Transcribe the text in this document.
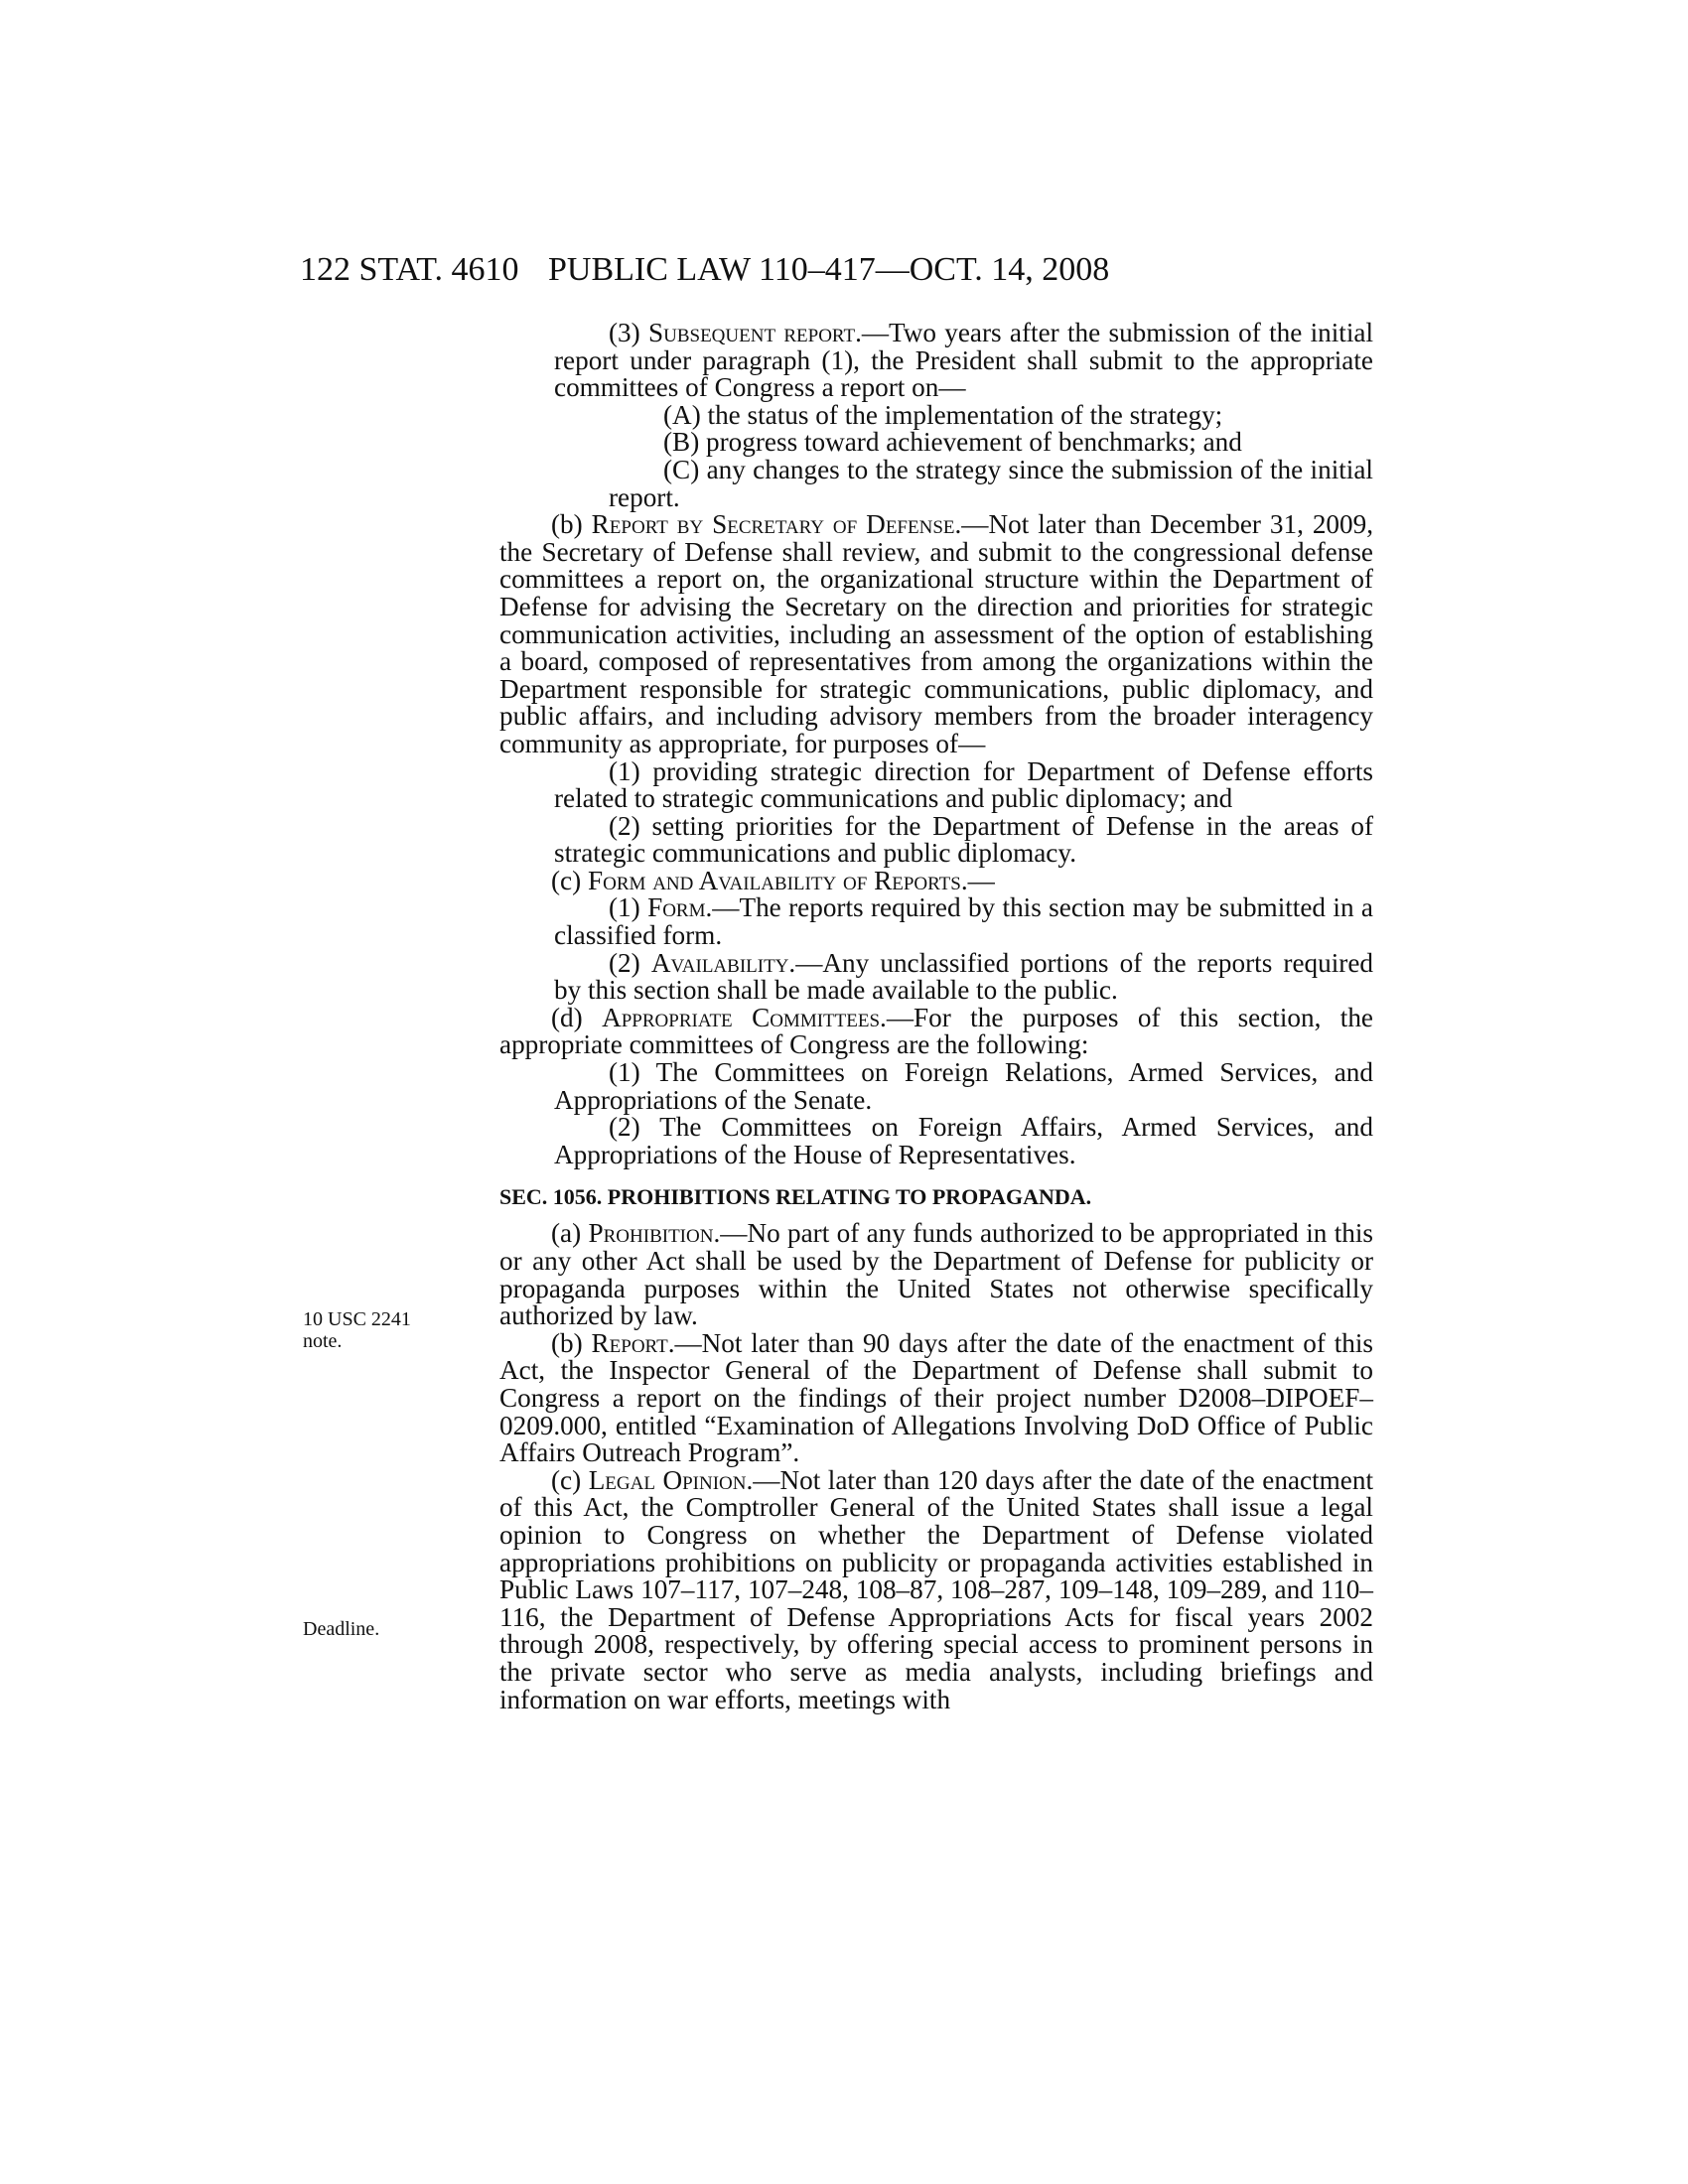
122 STAT. 4610 PUBLIC LAW 110–417—OCT. 14, 2008
10 USC 2241 note.
Deadline.

(3) Subsequent report.—Two years after the submission of the initial report under paragraph (1), the President shall submit to the appropriate committees of Congress a report on—

(A) the status of the implementation of the strategy;

(B) progress toward achievement of benchmarks; and

(C) any changes to the strategy since the submission of the initial report.

(b) Report by Secretary of Defense.—Not later than December 31, 2009, the Secretary of Defense shall review, and submit to the congressional defense committees a report on, the organizational structure within the Department of Defense for advising the Secretary on the direction and priorities for strategic communication activities, including an assessment of the option of establishing a board, composed of representatives from among the organizations within the Department responsible for strategic communications, public diplomacy, and public affairs, and including advisory members from the broader interagency community as appropriate, for purposes of—

(1) providing strategic direction for Department of Defense efforts related to strategic communications and public diplomacy; and

(2) setting priorities for the Department of Defense in the areas of strategic communications and public diplomacy.

(c) Form and Availability of Reports.—

(1) Form.—The reports required by this section may be submitted in a classified form.

(2) Availability.—Any unclassified portions of the reports required by this section shall be made available to the public.

(d) Appropriate Committees.—For the purposes of this section, the appropriate committees of Congress are the following:

(1) The Committees on Foreign Relations, Armed Services, and Appropriations of the Senate.

(2) The Committees on Foreign Affairs, Armed Services, and Appropriations of the House of Representatives.

SEC. 1056. PROHIBITIONS RELATING TO PROPAGANDA.

(a) Prohibition.—No part of any funds authorized to be appropriated in this or any other Act shall be used by the Department of Defense for publicity or propaganda purposes within the United States not otherwise specifically authorized by law.

(b) Report.—Not later than 90 days after the date of the enactment of this Act, the Inspector General of the Department of Defense shall submit to Congress a report on the findings of their project number D2008–DIPOEF–0209.000, entitled “Examination of Allegations Involving DoD Office of Public Affairs Outreach Program”.

(c) Legal Opinion.—Not later than 120 days after the date of the enactment of this Act, the Comptroller General of the United States shall issue a legal opinion to Congress on whether the Department of Defense violated appropriations prohibitions on publicity or propaganda activities established in Public Laws 107–117, 107–248, 108–87, 108–287, 109–148, 109–289, and 110–116, the Department of Defense Appropriations Acts for fiscal years 2002 through 2008, respectively, by offering special access to prominent persons in the private sector who serve as media analysts, including briefings and information on war efforts, meetings with
